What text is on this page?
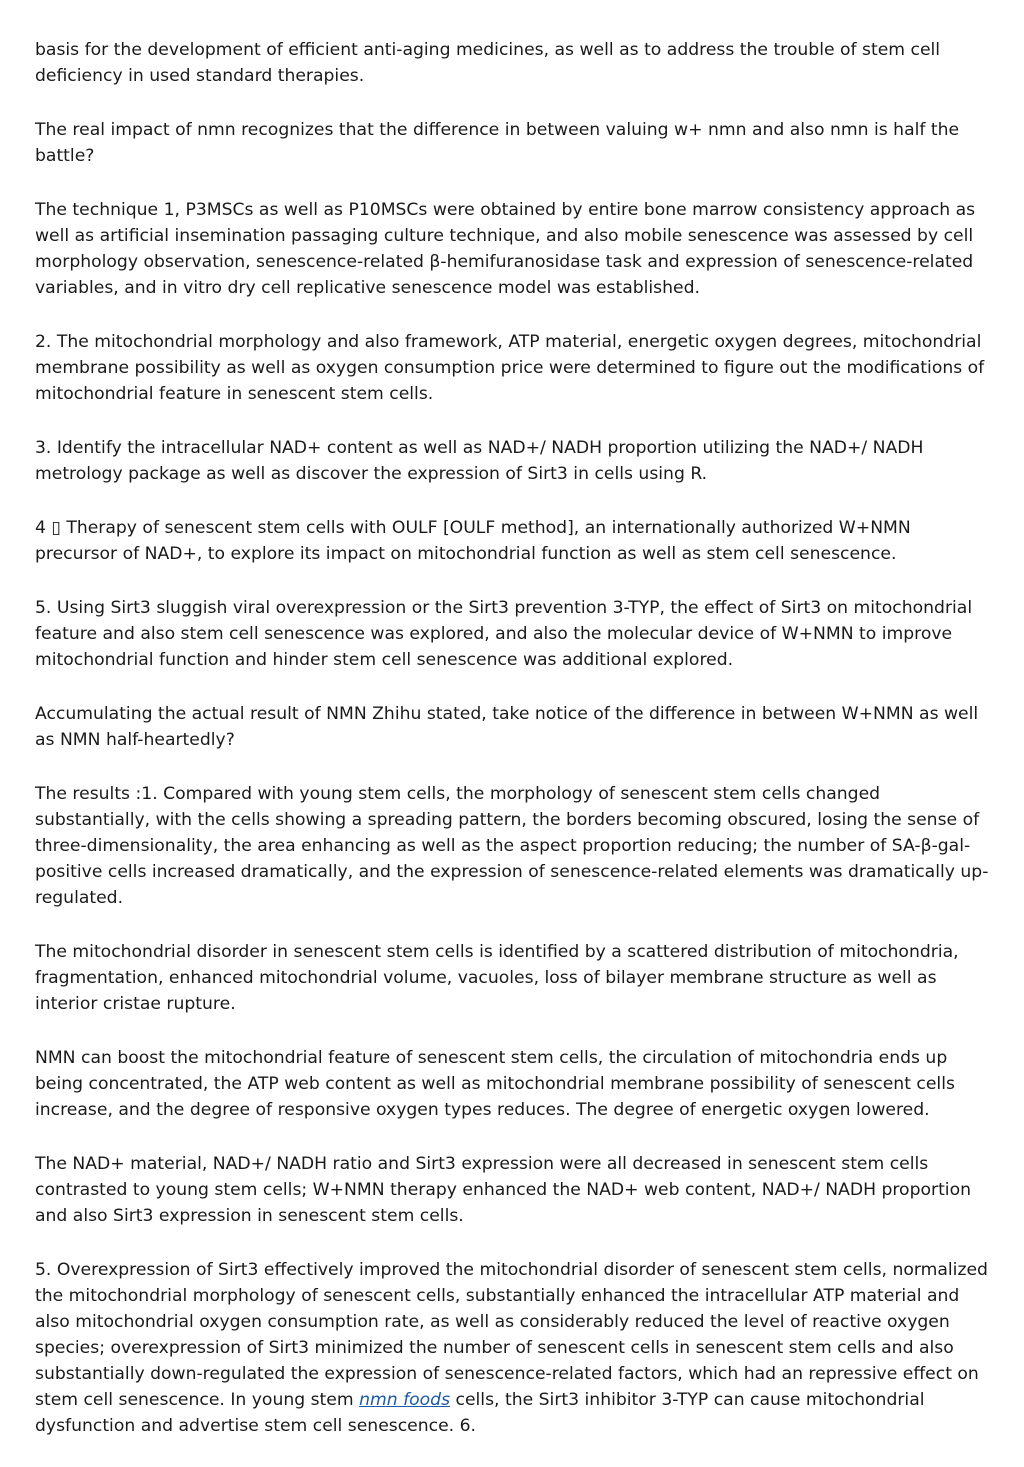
basis for the development of efficient anti-aging medicines, as well as to address the trouble of stem cell deficiency in used standard therapies.

The real impact of nmn recognizes that the difference in between valuing w+ nmn and also nmn is half the battle?

The technique 1, P3MSCs as well as P10MSCs were obtained by entire bone marrow consistency approach as well as artificial insemination passaging culture technique, and also mobile senescence was assessed by cell morphology observation, senescence-related β-hemifuranosidase task and expression of senescence-related variables, and in vitro dry cell replicative senescence model was established.

2. The mitochondrial morphology and also framework, ATP material, energetic oxygen degrees, mitochondrial membrane possibility as well as oxygen consumption price were determined to figure out the modifications of mitochondrial feature in senescent stem cells.

3. Identify the intracellular NAD+ content as well as NAD+/ NADH proportion utilizing the NAD+/ NADH metrology package as well as discover the expression of Sirt3 in cells using R.

4 ▯ Therapy of senescent stem cells with OULF [OULF method], an internationally authorized W+NMN precursor of NAD+, to explore its impact on mitochondrial function as well as stem cell senescence.

5. Using Sirt3 sluggish viral overexpression or the Sirt3 prevention 3-TYP, the effect of Sirt3 on mitochondrial feature and also stem cell senescence was explored, and also the molecular device of W+NMN to improve mitochondrial function and hinder stem cell senescence was additional explored.

Accumulating the actual result of NMN Zhihu stated, take notice of the difference in between W+NMN as well as NMN half-heartedly?

The results :1. Compared with young stem cells, the morphology of senescent stem cells changed substantially, with the cells showing a spreading pattern, the borders becoming obscured, losing the sense of three-dimensionality, the area enhancing as well as the aspect proportion reducing; the number of SA-β-gal-positive cells increased dramatically, and the expression of senescence-related elements was dramatically up-regulated.

The mitochondrial disorder in senescent stem cells is identified by a scattered distribution of mitochondria, fragmentation, enhanced mitochondrial volume, vacuoles, loss of bilayer membrane structure as well as interior cristae rupture.

NMN can boost the mitochondrial feature of senescent stem cells, the circulation of mitochondria ends up being concentrated, the ATP web content as well as mitochondrial membrane possibility of senescent cells increase, and the degree of responsive oxygen types reduces. The degree of energetic oxygen lowered.

The NAD+ material, NAD+/ NADH ratio and Sirt3 expression were all decreased in senescent stem cells contrasted to young stem cells; W+NMN therapy enhanced the NAD+ web content, NAD+/ NADH proportion and also Sirt3 expression in senescent stem cells.

5. Overexpression of Sirt3 effectively improved the mitochondrial disorder of senescent stem cells, normalized the mitochondrial morphology of senescent cells, substantially enhanced the intracellular ATP material and also mitochondrial oxygen consumption rate, as well as considerably reduced the level of reactive oxygen species; overexpression of Sirt3 minimized the number of senescent cells in senescent stem cells and also substantially down-regulated the expression of senescence-related factors, which had an repressive effect on stem cell senescence. In young stem nmn foods cells, the Sirt3 inhibitor 3-TYP can cause mitochondrial dysfunction and advertise stem cell senescence. 6.
